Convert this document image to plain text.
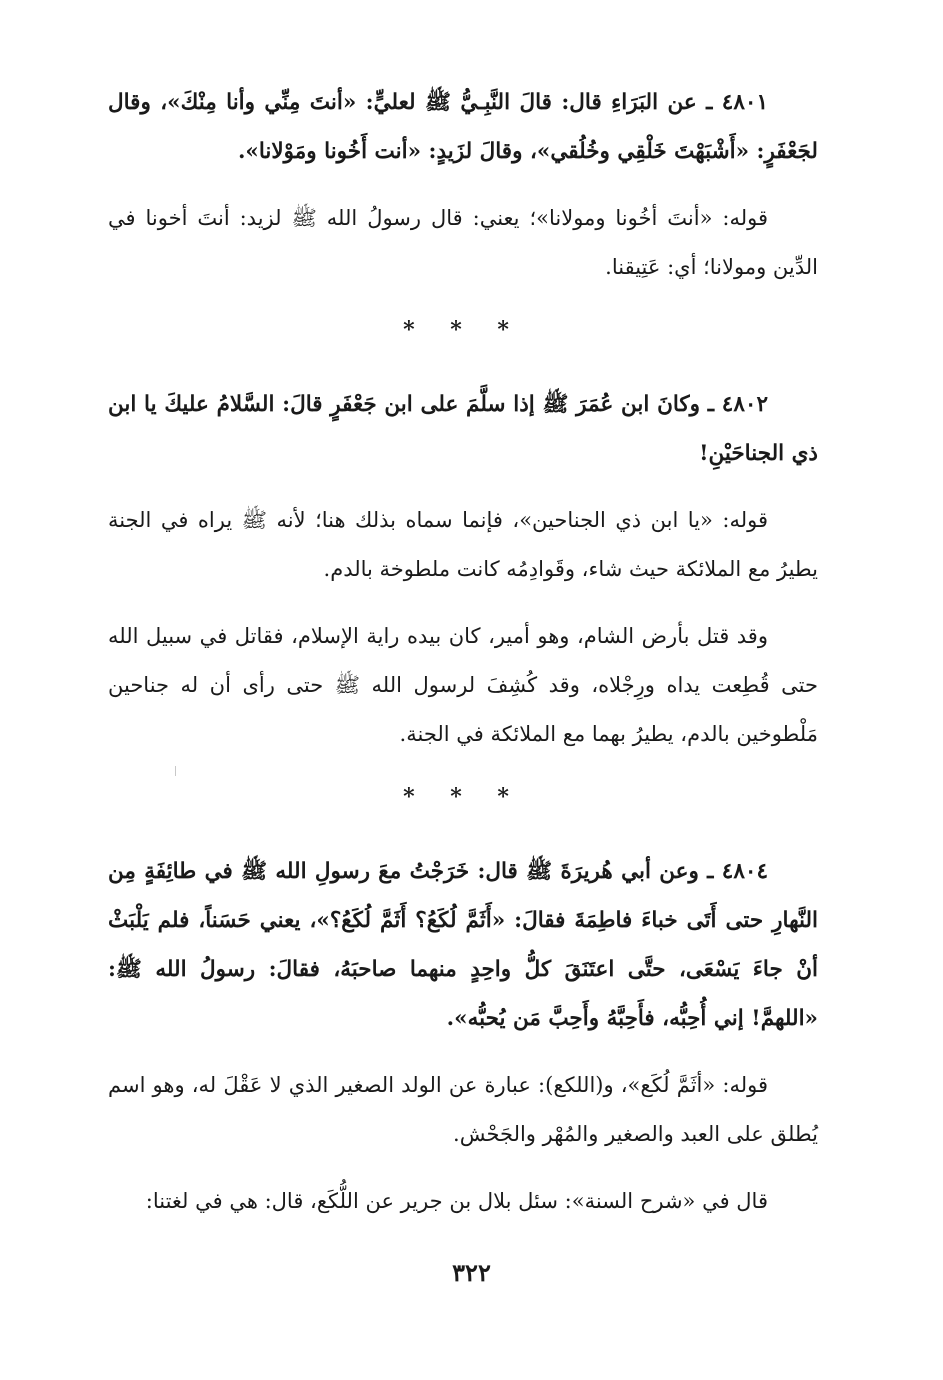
٤٨٠١ ـ عن البَرَاءِ قال: قالَ النَّبِـيُّ ﷺ لعليٍّ: «أنتَ مِنِّي وأنا مِنْكَ»، وقال لجَعْفَرٍ: «أَشْبَهْتَ خَلْقِي وخُلُقي»، وقالَ لزَيدٍ: «أنت أَخُونا ومَوْلانا».

قوله: «أنتَ أخُونا ومولانا»؛ يعني: قال رسولُ الله ﷺ لزيد: أنتَ أخونا في الدِّين ومولانا؛ أي: عَتِيقنا.

* * *

٤٨٠٢ ـ وكانَ ابن عُمَرَ ﷺ إذا سلَّمَ على ابن جَعْفَرٍ قالَ: السَّلامُ عليكَ يا ابن ذي الجناحَيْنِ!

قوله: «يا ابن ذي الجناحين»، فإنما سماه بذلك هنا؛ لأنه ﷺ يراه في الجنة يطيرُ مع الملائكة حيث شاء، وقَوادِمُه كانت ملطوخة بالدم.

وقد قتل بأرض الشام، وهو أمير، كان بيده راية الإسلام، فقاتل في سبيل الله حتى قُطِعت يداه ورِجْلاه، وقد كُشِفَ لرسول الله ﷺ حتى رأى أن له جناحين مَلْطوخين بالدم، يطيرُ بهما مع الملائكة في الجنة.

* * *

٤٨٠٤ ـ وعن أبي هُريرَةَ ﷺ قال: خَرَجْتُ معَ رسولِ الله ﷺ في طائِفَةٍ مِن النَّهارِ حتى أَتَى خباءَ فاطِمَةَ فقالَ: «أَثَمَّ لُكَعُ؟ أَثَمَّ لُكَعُ؟»، يعني حَسَناً، فلم يَلْبَثْ أنْ جاءَ يَسْعَى، حتَّى اعتَنَقَ كلُّ واحِدٍ منهما صاحبَهُ، فقالَ: رسولُ الله ﷺ: «اللهمَّ! إني أُحِبُّه، فأَحِبَّهُ وأَحِبَّ مَن يُحبُّه».

قوله: «أثَمَّ لُكَع»، و(اللكع): عبارة عن الولد الصغير الذي لا عَقْلَ له، وهو اسم يُطلق على العبد والصغير والمُهْر والجَحْش.

قال في «شرح السنة»: سئل بلال بن جرير عن اللُّكَع، قال: هي في لغتنا:

٣٢٢
